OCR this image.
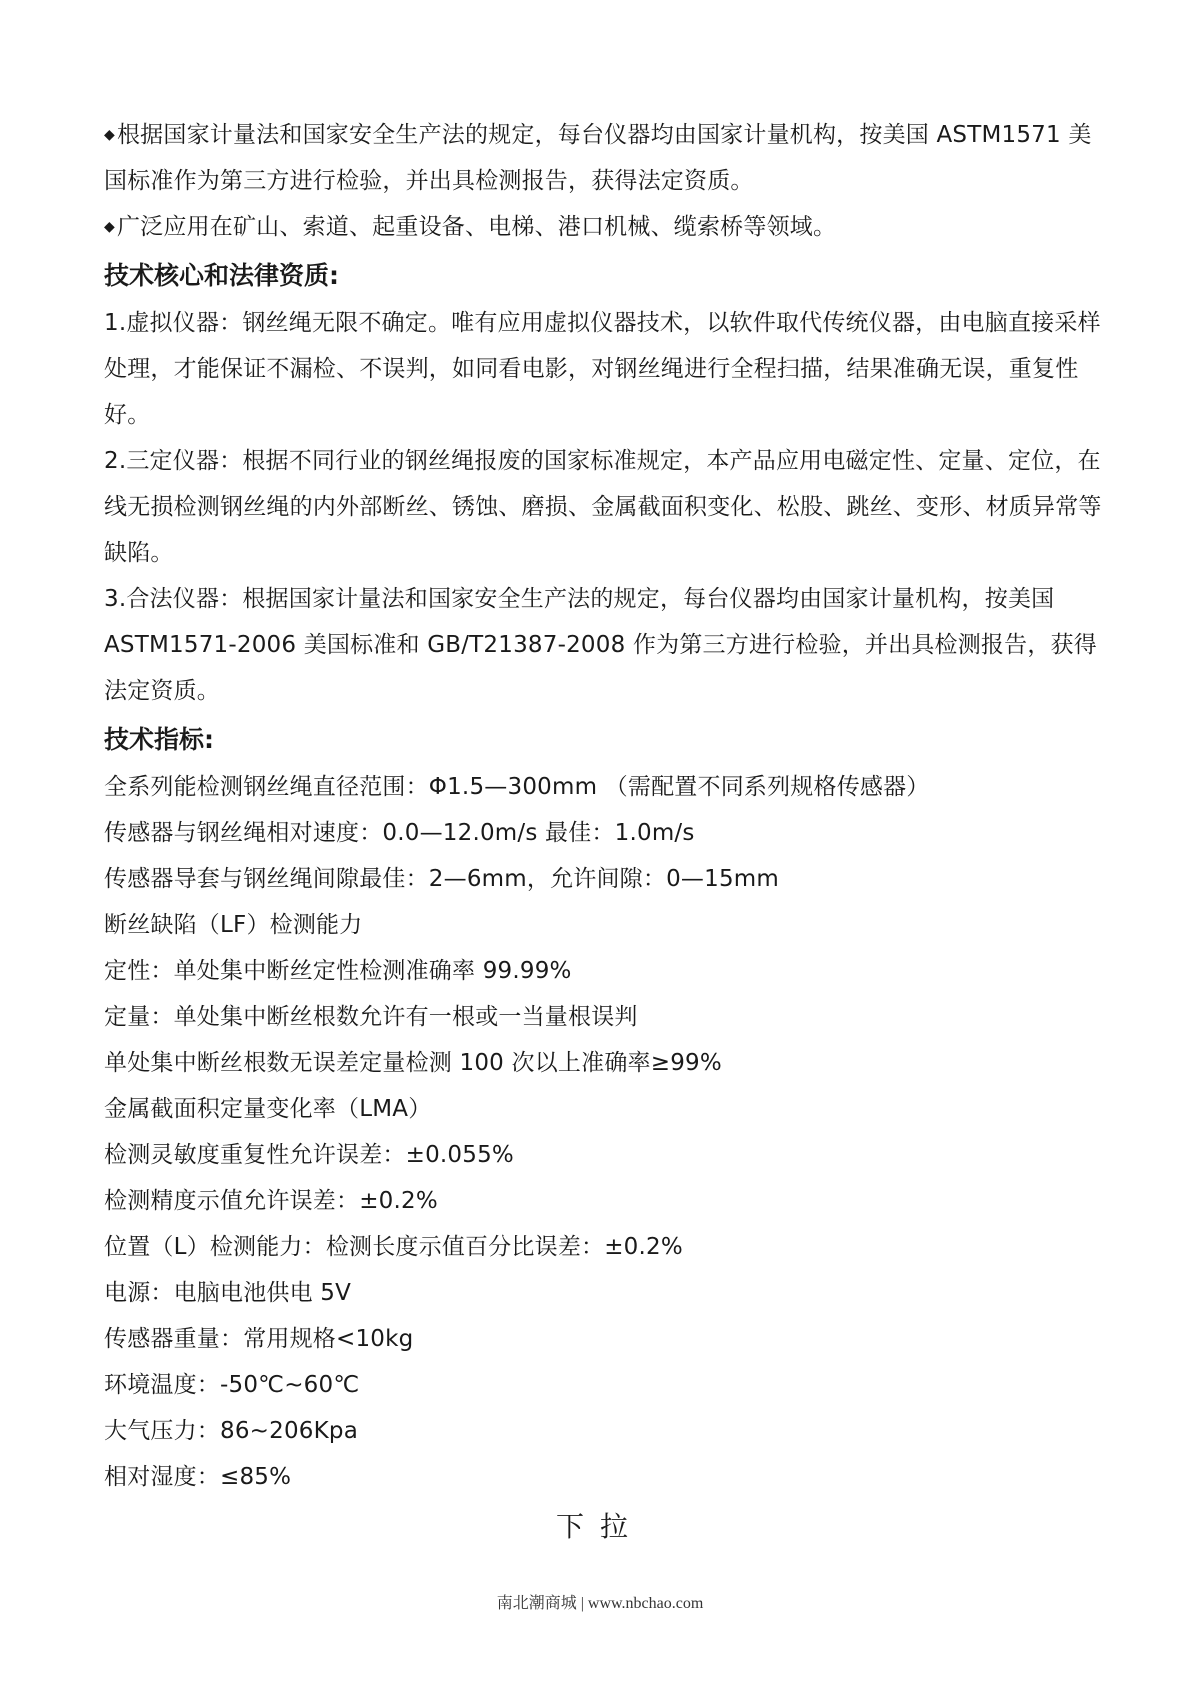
◆根据国家计量法和国家安全生产法的规定，每台仪器均由国家计量机构，按美国 ASTM1571 美国标准作为第三方进行检验，并出具检测报告，获得法定资质。

◆广泛应用在矿山、索道、起重设备、电梯、港口机械、缆索桥等领域。

技术核心和法律资质:

1.虚拟仪器：钢丝绳无限不确定。唯有应用虚拟仪器技术，以软件取代传统仪器，由电脑直接采样处理，才能保证不漏检、不误判，如同看电影，对钢丝绳进行全程扫描，结果准确无误，重复性好。

2.三定仪器：根据不同行业的钢丝绳报废的国家标准规定，本产品应用电磁定性、定量、定位，在线无损检测钢丝绳的内外部断丝、锈蚀、磨损、金属截面积变化、松股、跳丝、变形、材质异常等缺陷。

3.合法仪器：根据国家计量法和国家安全生产法的规定，每台仪器均由国家计量机构，按美国 ASTM1571-2006 美国标准和 GB/T21387-2008 作为第三方进行检验，并出具检测报告，获得法定资质。

技术指标:

全系列能检测钢丝绳直径范围：Φ1.5—300mm （需配置不同系列规格传感器）

传感器与钢丝绳相对速度：0.0—12.0m/s 最佳：1.0m/s

传感器导套与钢丝绳间隙最佳：2—6mm，允许间隙：0—15mm

断丝缺陷（LF）检测能力

定性：单处集中断丝定性检测准确率 99.99%

定量：单处集中断丝根数允许有一根或一当量根误判

单处集中断丝根数无误差定量检测 100 次以上准确率≥99%

金属截面积定量变化率（LMA）

检测灵敏度重复性允许误差：±0.055%

检测精度示值允许误差：±0.2%

位置（L）检测能力：检测长度示值百分比误差：±0.2%

电源：电脑电池供电 5V

传感器重量：常用规格<10kg

环境温度：-50℃~60℃

大气压力：86~206Kpa

相对湿度：≤85%

下拉
南北潮商城 | www.nbchao.com
